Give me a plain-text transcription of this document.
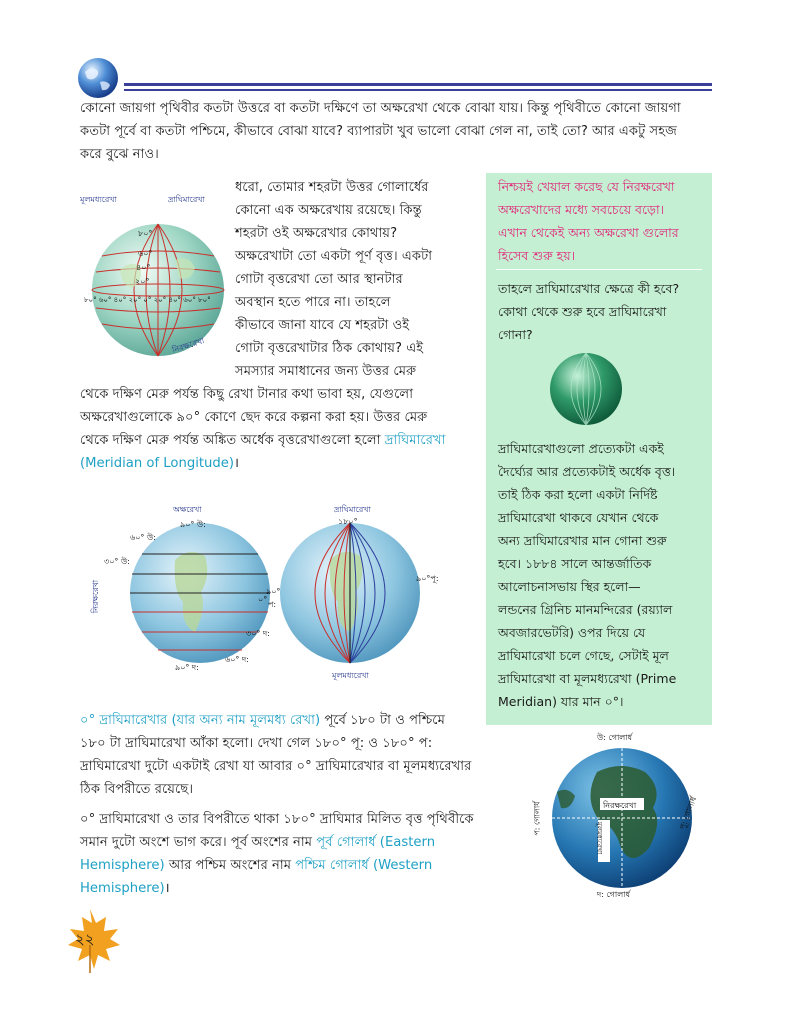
কোনো জায়গা পৃথিবীর কতটা উত্তরে বা কতটা দক্ষিণে তা অক্ষরেখা থেকে বোঝা যায়। কিন্তু পৃথিবীতে কোনো জায়গা
কতটা পূর্বে বা কতটা পশ্চিমে, কীভাবে বোঝা যাবে? ব্যাপারটা খুব ভালো বোঝা গেল না, তাই তো? আর একটু সহজ
করে বুঝে নাও।
মূলমধ্যরেখা	দ্রাঘিমারেখা
৮০°
৬০°
৪০°
২০°
৮০° ৬০° ৪০° ২০° ০° ২০° ৪০° ৬০° ৮০°
নিরক্ষরেখা
ধরো, তোমার শহরটা উত্তর গোলার্ধের
কোনো এক অক্ষরেখায় রয়েছে। কিন্তু
শহরটা ওই অক্ষরেখার কোথায়?
অক্ষরেখাটা তো একটা পূর্ণ বৃত্ত। একটা
গোটা বৃত্তরেখা তো আর স্থানটার
অবস্থান হতে পারে না। তাহলে
কীভাবে জানা যাবে যে শহরটা ওই
গোটা বৃত্তরেখাটার ঠিক কোথায়? এই
সমস্যার সমাধানের জন্য উত্তর মেরু
থেকে দক্ষিণ মেরু পর্যন্ত কিছু রেখা টানার কথা ভাবা হয়, যেগুলো
অক্ষরেখাগুলোকে ৯০° কোণে ছেদ করে কল্পনা করা হয়। উত্তর মেরু
থেকে দক্ষিণ মেরু পর্যন্ত অঙ্কিত অর্ধেক বৃত্তরেখাগুলো হলো দ্রাঘিমারেখা
(Meridian of Longitude)।
অক্ষরেখা
৯০° উ:
৬০° উ:
৩০° উ:
নিরক্ষরেখা	০°
৩০° দ:
৬০° দ:
৯০° দ:
দ্রাঘিমারেখা
১৮০°
৯০°পূ:
৯০°
প:
মূলমধ্যরেখা
০° দ্রাঘিমারেখার (যার অন্য নাম মূলমধ্য রেখা) পূর্বে ১৮০ টা ও পশ্চিমে
১৮০ টা দ্রাঘিমারেখা আঁকা হলো। দেখা গেল ১৮০° পূ: ও ১৮০° প:
দ্রাঘিমারেখা দুটো একটাই রেখা যা আবার ০° দ্রাঘিমারেখার বা মূলমধ্যরেখার
ঠিক বিপরীতে রয়েছে।
০° দ্রাঘিমারেখা ও তার বিপরীতে থাকা ১৮০° দ্রাঘিমার মিলিত বৃত্ত পৃথিবীকে
সমান দুটো অংশে ভাগ করে। পূর্ব অংশের নাম পূর্ব গোলার্ধ (Eastern
Hemisphere) আর পশ্চিম অংশের নাম পশ্চিম গোলার্ধ (Western
Hemisphere)।
নিশ্চয়ই খেয়াল করেছ যে নিরক্ষরেখা
অক্ষরেখাদের মধ্যে সবচেয়ে বড়ো।
এখান থেকেই অন্য অক্ষরেখা গুলোর
হিসেব শুরু হয়।
তাহলে দ্রাঘিমারেখার ক্ষেত্রে কী হবে?
কোথা থেকে শুরু হবে দ্রাঘিমারেখা
গোনা?
দ্রাঘিমারেখাগুলো প্রত্যেকটা একই
দৈর্ঘ্যের আর প্রত্যেকটাই অর্ধেক বৃত্ত।
তাই ঠিক করা হলো একটা নির্দিষ্ট
দ্রাঘিমারেখা থাকবে যেখান থেকে
অন্য দ্রাঘিমারেখার মান গোনা শুরু
হবে। ১৮৮৪ সালে আন্তর্জাতিক
আলোচনাসভায় স্থির হলো—
লন্ডনের গ্রিনিচ মানমন্দিরের (রয়্যাল
অবজারভেটরি) ওপর দিয়ে যে
দ্রাঘিমারেখা চলে গেছে, সেটাই মূল
দ্রাঘিমারেখা বা মূলমধ্যরেখা (Prime
Meridian) যার মান ০°।
উ: গোলার্ধ
দ: গোলার্ধ
পূ: গোলার্ধ
প: গোলার্ধ	নিরক্ষরেখা
মূলমধ্যরেখা
২২
